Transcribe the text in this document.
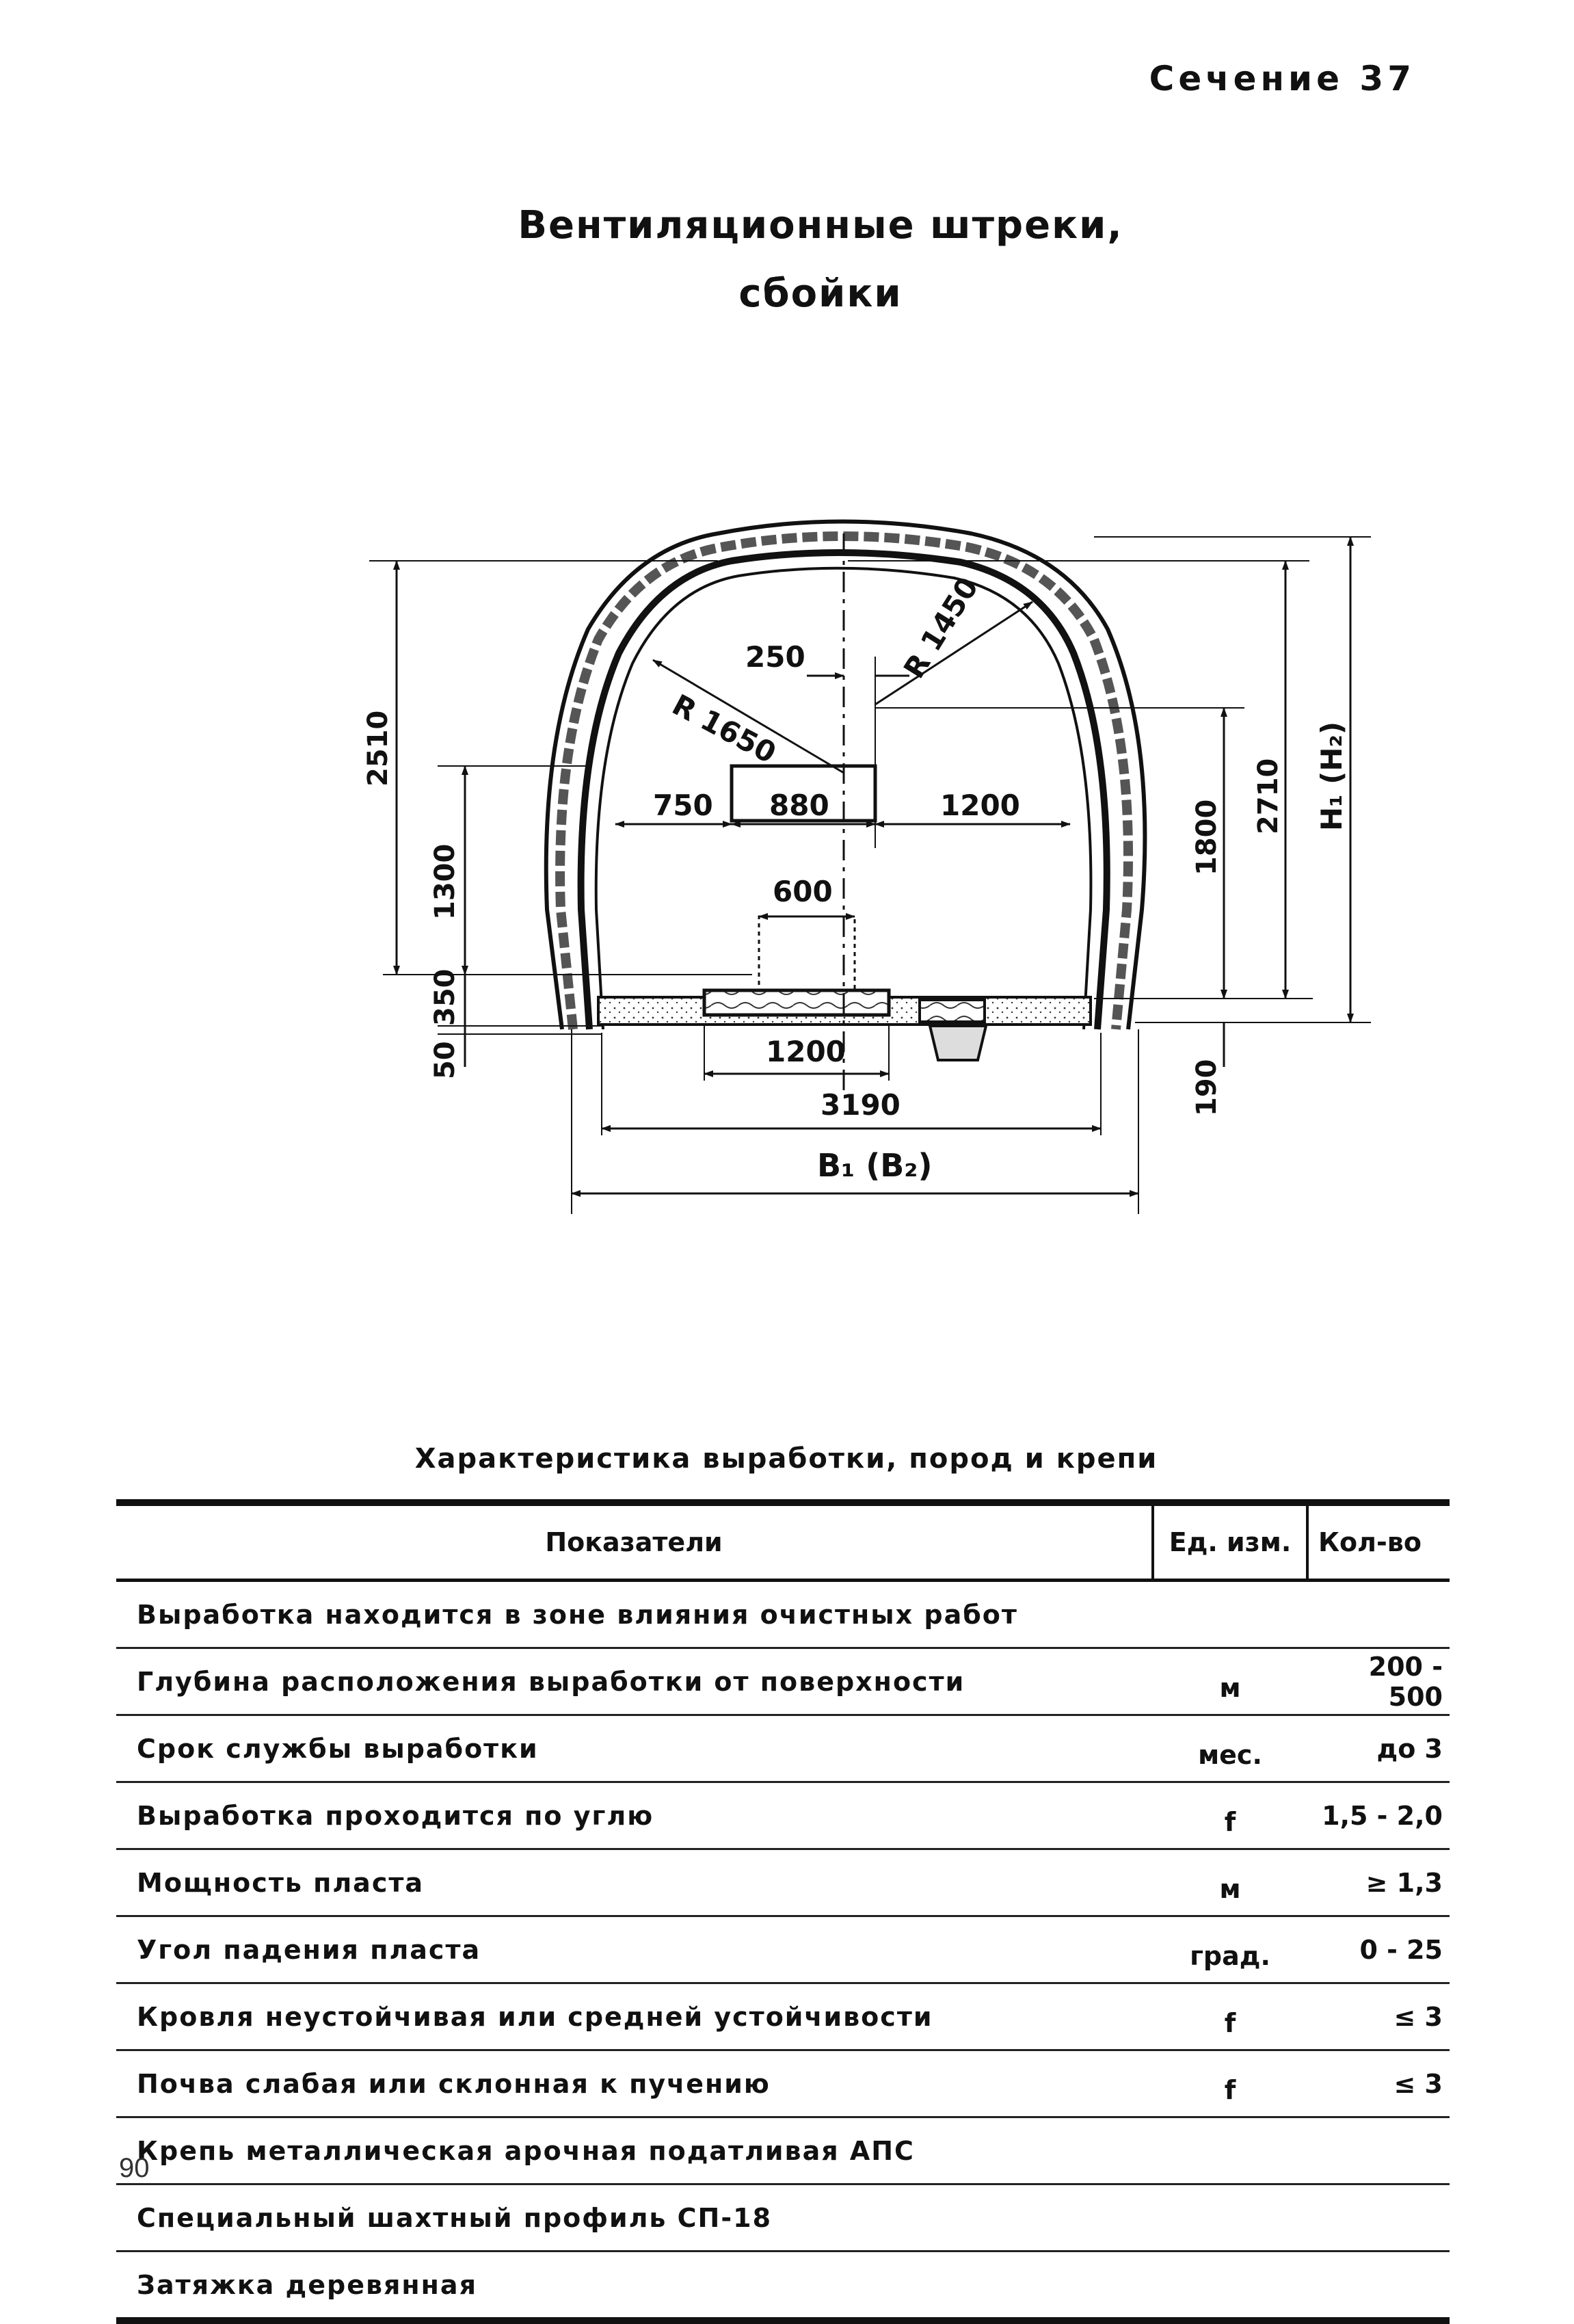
Сечение 37
Вентиляционные штреки,
сбойки
2510
1300
350
50
750 880	1200
250
R 1650
R 1450
600
1200
3190
B₁ (B₂)
1800
2710 H₁ (H₂)
190
Характеристика выработки, пород и крепи
Показатели	Ед. изм.	Кол-во
Выработка находится в зоне влияния очистных работ		
Глубина расположения выработки от поверхности	м	200 - 500
Срок службы выработки	мес.	до 3
Выработка проходится по углю	f	1,5 - 2,0
Мощность пласта	м	≥ 1,3
Угол падения пласта	град.	0 - 25
Кровля неустойчивая или средней устойчивости	f	≤ 3
Почва слабая или склонная к пучению	f	≤ 3
Крепь металлическая арочная податливая АПС		
Специальный шахтный профиль СП-18		
Затяжка деревянная		
90
